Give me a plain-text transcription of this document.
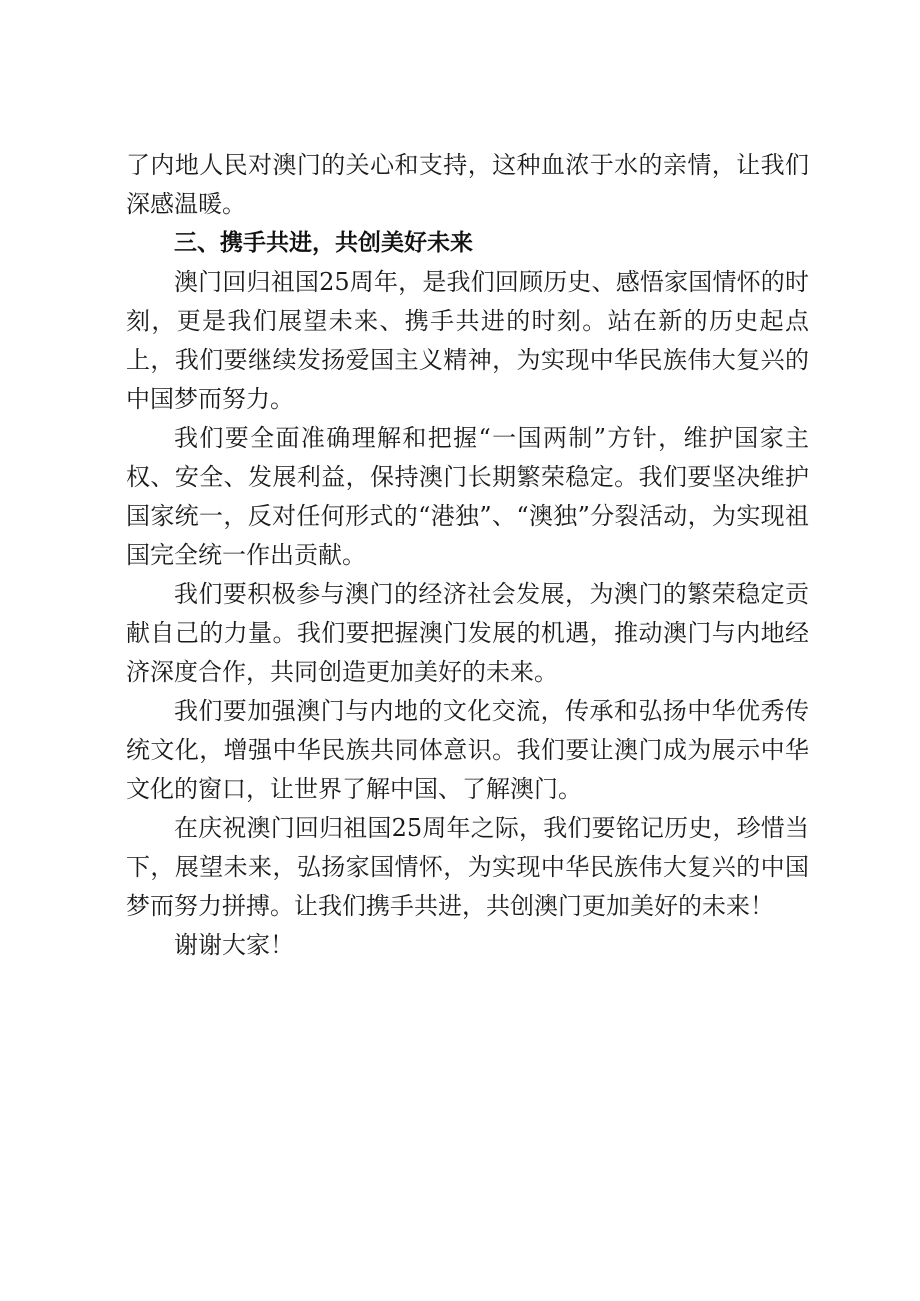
了内地人民对澳门的关心和支持，这种血浓于水的亲情，让我们深感温暖。

三、携手共进，共创美好未来

澳门回归祖国25周年，是我们回顾历史、感悟家国情怀的时刻，更是我们展望未来、携手共进的时刻。站在新的历史起点上，我们要继续发扬爱国主义精神，为实现中华民族伟大复兴的中国梦而努力。

我们要全面准确理解和把握“一国两制”方针，维护国家主权、安全、发展利益，保持澳门长期繁荣稳定。我们要坚决维护国家统一，反对任何形式的“港独”、“澳独”分裂活动，为实现祖国完全统一作出贡献。

我们要积极参与澳门的经济社会发展，为澳门的繁荣稳定贡献自己的力量。我们要把握澳门发展的机遇，推动澳门与内地经济深度合作，共同创造更加美好的未来。

我们要加强澳门与内地的文化交流，传承和弘扬中华优秀传统文化，增强中华民族共同体意识。我们要让澳门成为展示中华文化的窗口，让世界了解中国、了解澳门。

在庆祝澳门回归祖国25周年之际，我们要铭记历史，珍惜当下，展望未来，弘扬家国情怀，为实现中华民族伟大复兴的中国梦而努力拼搏。让我们携手共进，共创澳门更加美好的未来！

谢谢大家！
